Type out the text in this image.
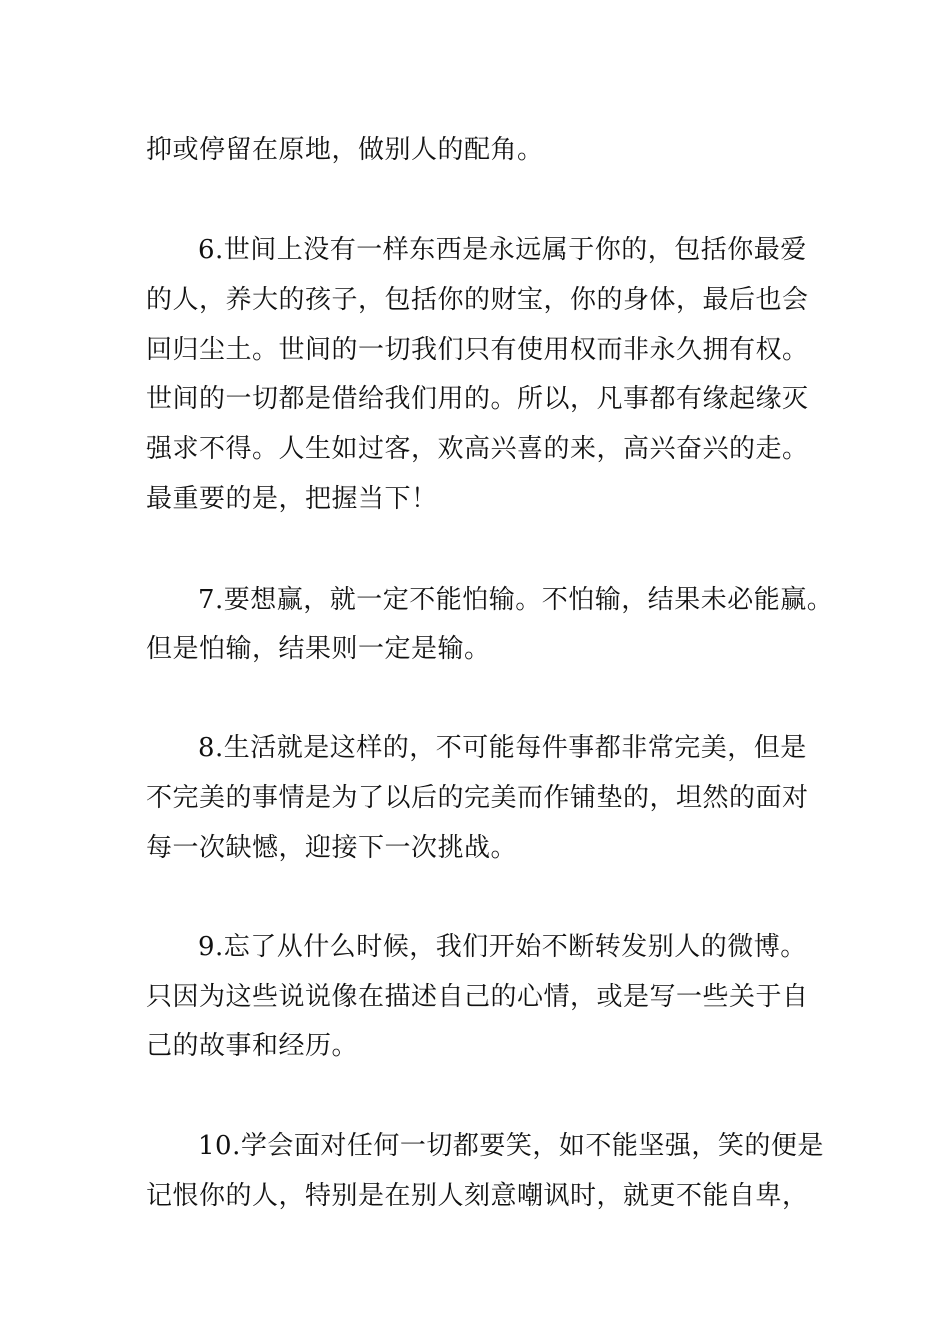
抑或停留在原地，做别人的配角。
6.世间上没有一样东西是永远属于你的，包括你最爱
的人，养大的孩子，包括你的财宝，你的身体，最后也会
回归尘土。世间的一切我们只有使用权而非永久拥有权。
世间的一切都是借给我们用的。所以，凡事都有缘起缘灭
强求不得。人生如过客，欢高兴喜的来，高兴奋兴的走。
最重要的是，把握当下！
7.要想赢，就一定不能怕输。不怕输，结果未必能赢。
但是怕输，结果则一定是输。
8.生活就是这样的，不可能每件事都非常完美，但是
不完美的事情是为了以后的完美而作铺垫的，坦然的面对
每一次缺憾，迎接下一次挑战。
9.忘了从什么时候，我们开始不断转发别人的微博。
只因为这些说说像在描述自己的心情，或是写一些关于自
己的故事和经历。
10.学会面对任何一切都要笑，如不能坚强，笑的便是
记恨你的人，特别是在别人刻意嘲讽时，就更不能自卑，
